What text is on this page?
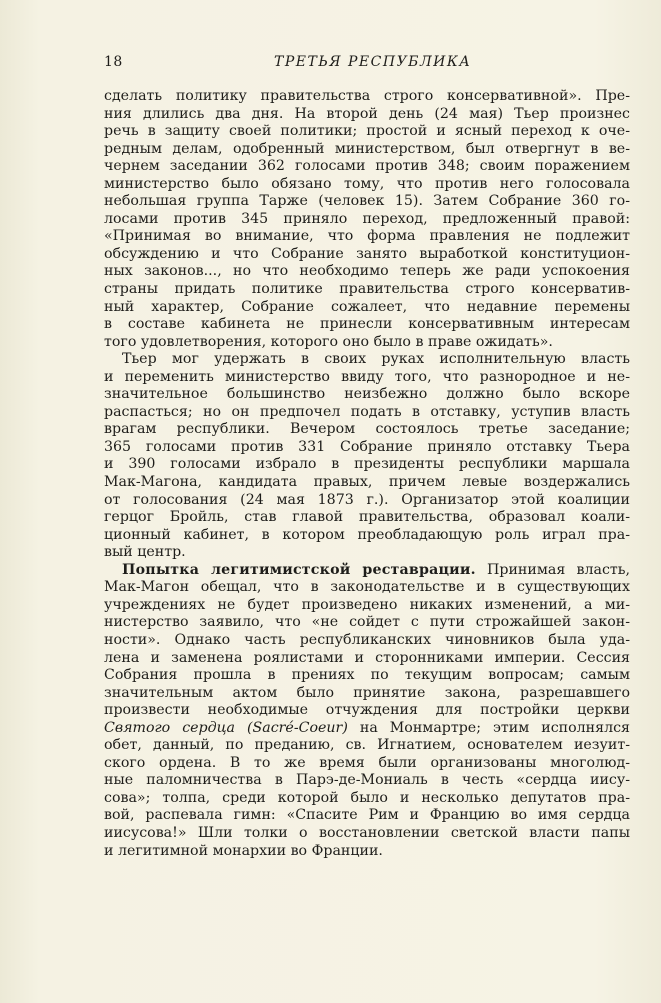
18	ТРЕТЬЯ РЕСПУБЛИКА
сделать политику правительства строго консервативной». Пре-
ния длились два дня. На второй день (24 мая) Тьер произнес
речь в защиту своей политики; простой и ясный переход к оче-
редным делам, одобренный министерством, был отвергнут в ве-
чернем заседании 362 голосами против 348; своим поражением
министерство было обязано тому, что против него голосовала
небольшая группа Тарже (человек 15). Затем Собрание 360 го-
лосами против 345 приняло переход, предложенный правой:
«Принимая во внимание, что форма правления не подлежит
обсуждению и что Собрание занято выработкой конституцион-
ных законов..., но что необходимо теперь же ради успокоения
страны придать политике правительства строго консерватив-
ный характер, Собрание сожалеет, что недавние перемены
в составе кабинета не принесли консервативным интересам
того удовлетворения, которого оно было в праве ожидать».
Тьер мог удержать в своих руках исполнительную власть
и переменить министерство ввиду того, что разнородное и не-
значительное большинство неизбежно должно было вскоре
распасться; но он предпочел подать в отставку, уступив власть
врагам республики. Вечером состоялось третье заседание;
365 голосами против 331 Собрание приняло отставку Тьера
и 390 голосами избрало в президенты республики маршала
Мак-Магона, кандидата правых, причем левые воздержались
от голосования (24 мая 1873 г.). Организатор этой коалиции
герцог Бройль, став главой правительства, образовал коали-
ционный кабинет, в котором преобладающую роль играл пра-
вый центр.
Попытка легитимистской реставрации. Принимая власть,
Мак-Магон обещал, что в законодательстве и в существующих
учреждениях не будет произведено никаких изменений, а ми-
нистерство заявило, что «не сойдет с пути строжайшей закон-
ности». Однако часть республиканских чиновников была уда-
лена и заменена роялистами и сторонниками империи. Сессия
Собрания прошла в прениях по текущим вопросам; самым
значительным актом было принятие закона, разрешавшего
произвести необходимые отчуждения для постройки церкви
Святого сердца (Sacré-Coeur) на Монмартре; этим исполнялся
обет, данный, по преданию, св. Игнатием, основателем иезуит-
ского ордена. В то же время были организованы многолюд-
ные паломничества в Парэ-де-Мониаль в честь «сердца иису-
сова»; толпа, среди которой было и несколько депутатов пра-
вой, распевала гимн: «Спасите Рим и Францию во имя сердца
иисусова!» Шли толки о восстановлении светской власти папы
и легитимной монархии во Франции.
